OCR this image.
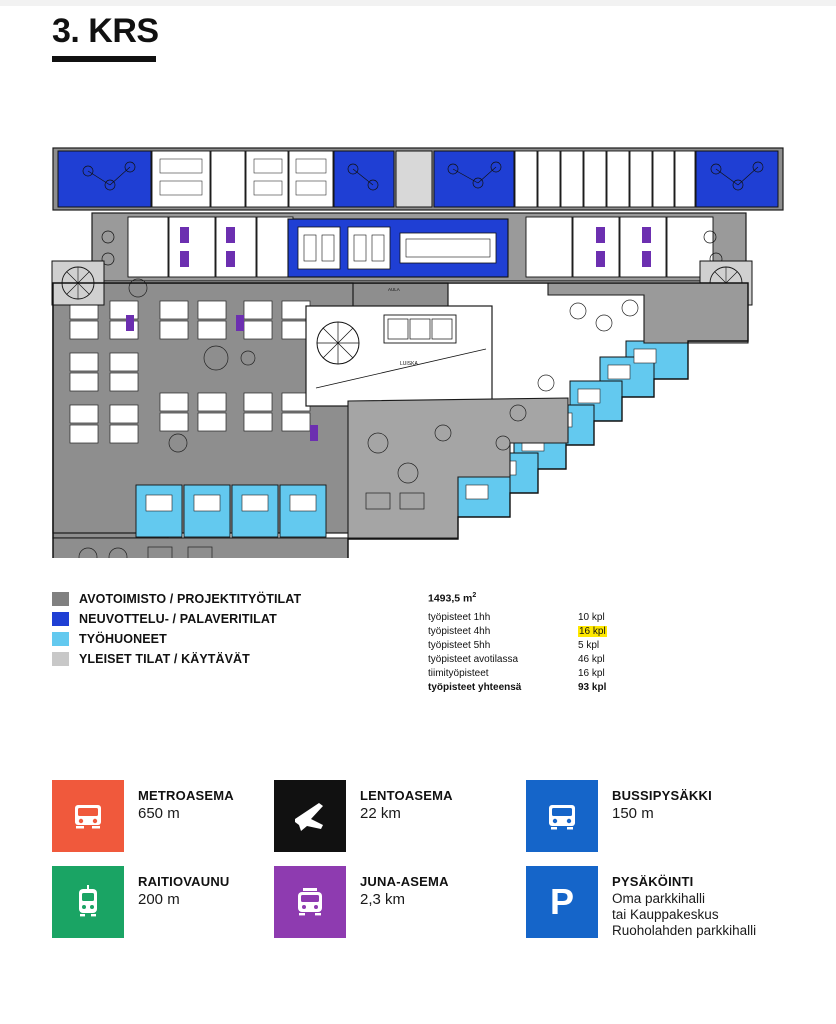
3. KRS
LUISKA
AULA
AVOTOIMISTO / PROJEKTITYÖTILAT
NEUVOTTELU- / PALAVERITILAT
TYÖHUONEET
YLEISET TILAT / KÄYTÄVÄT
1493,5 $m^2$
työpisteet 1hh	10 kpl
työpisteet 4hh	16 kpl
työpisteet 5hh	5 kpl
työpisteet avotilassa	46 kpl
tiimityöpisteet	16 kpl
työpisteet yhteensä	93 kpl
METROASEMA
650 m
LENTOASEMA
22 km
BUSSIPYSÄKKI
150 m
RAITIOVAUNU
200 m
JUNA-ASEMA
2,3 km	P	PYSÄKÖINTI
Oma parkkihalli
tai Kauppakeskus
Ruoholahden parkkihalli
